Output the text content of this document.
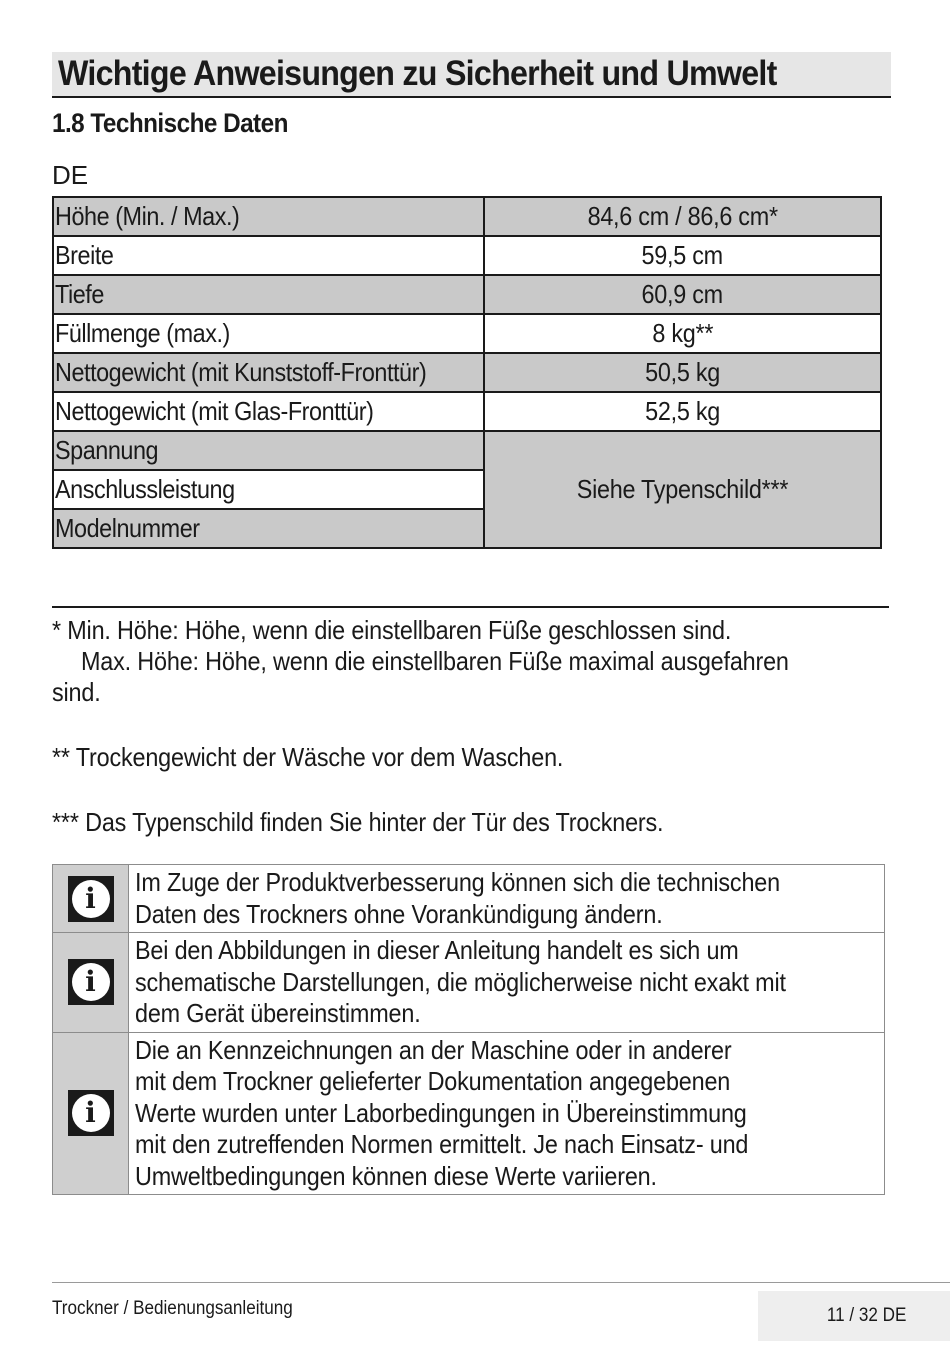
Wichtige Anweisungen zu Sicherheit und Umwelt
1.8 Technische Daten
DE
Höhe (Min. / Max.)	84,6 cm / 86,6 cm*
Breite	59,5 cm
Tiefe	60,9 cm
Füllmenge (max.)	8 kg**
Nettogewicht (mit Kunststoff-Fronttür)	50,5 kg
Nettogewicht (mit Glas-Fronttür)	52,5 kg
Spannung	Siehe Typenschild***
Anschlussleistung	
Modelnummer	
* Min. Höhe: Höhe, wenn die einstellbaren Füße geschlossen sind.
Max. Höhe: Höhe, wenn die einstellbaren Füße maximal ausgefahren
sind.
** Trockengewicht der Wäsche vor dem Waschen.
*** Das Typenschild finden Sie hinter der Tür des Trockners.
i	Im Zuge der Produktverbesserung können sich die technischen
Daten des Trockners ohne Vorankündigung ändern.

i	Bei den Abbildungen in dieser Anleitung handelt es sich um
schematische Darstellungen, die möglicherweise nicht exakt mit
dem Gerät übereinstimmen.

i	Die an Kennzeichnungen an der Maschine oder in anderer
mit dem Trockner gelieferter Dokumentation angegebenen
Werte wurden unter Laborbedingungen in Übereinstimmung
mit den zutreffenden Normen ermittelt. Je nach Einsatz- und
Umweltbedingungen können diese Werte variieren.
Trockner / Bedienungsanleitung	11 / 32 DE
